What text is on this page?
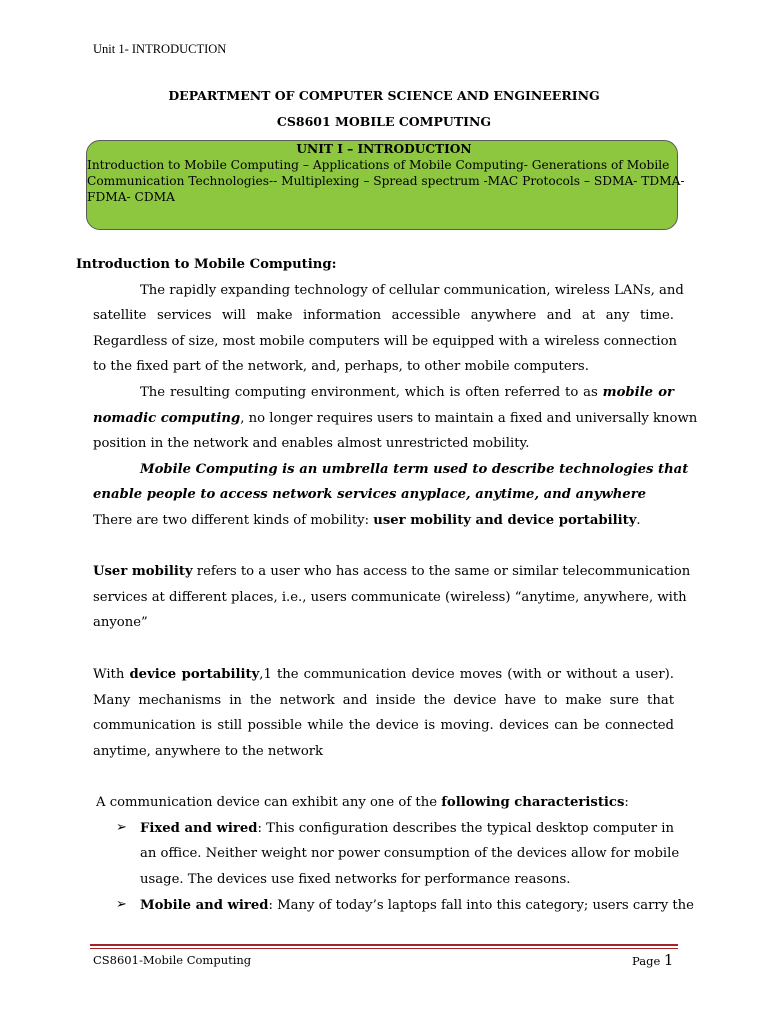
Unit 1- INTRODUCTION
DEPARTMENT OF COMPUTER SCIENCE AND ENGINEERING
CS8601 MOBILE COMPUTING
UNIT I – INTRODUCTION
Introduction to Mobile Computing – Applications of Mobile Computing- Generations of Mobile
Communication Technologies-- Multiplexing – Spread spectrum -MAC Protocols – SDMA- TDMA-
FDMA- CDMA
Introduction to Mobile Computing:
The rapidly expanding technology of cellular communication, wireless LANs, and
satellite services will make information accessible anywhere and at any time.
Regardless of size, most mobile computers will be equipped with a wireless connection
to the fixed part of the network, and, perhaps, to other mobile computers.
The resulting computing environment, which is often referred to as mobile or
nomadic computing, no longer requires users to maintain a fixed and universally known
position in the network and enables almost unrestricted mobility.
Mobile Computing is an umbrella term used to describe technologies that
enable people to access network services anyplace, anytime, and anywhere
There are two different kinds of mobility: user mobility and device portability.
User mobility refers to a user who has access to the same or similar telecommunication
services at different places, i.e., users communicate (wireless) “anytime, anywhere, with
anyone”
With device portability,1 the communication device moves (with or without a user).
Many mechanisms in the network and inside the device have to make sure that
communication is still possible while the device is moving. devices can be connected
anytime, anywhere to the network
A communication device can exhibit any one of the following characteristics:
➢ Fixed and wired: This configuration describes the typical desktop computer in
an office. Neither weight nor power consumption of the devices allow for mobile
usage. The devices use fixed networks for performance reasons.
➢ Mobile and wired: Many of today’s laptops fall into this category; users carry the
CS8601-Mobile Computing	Page 1
